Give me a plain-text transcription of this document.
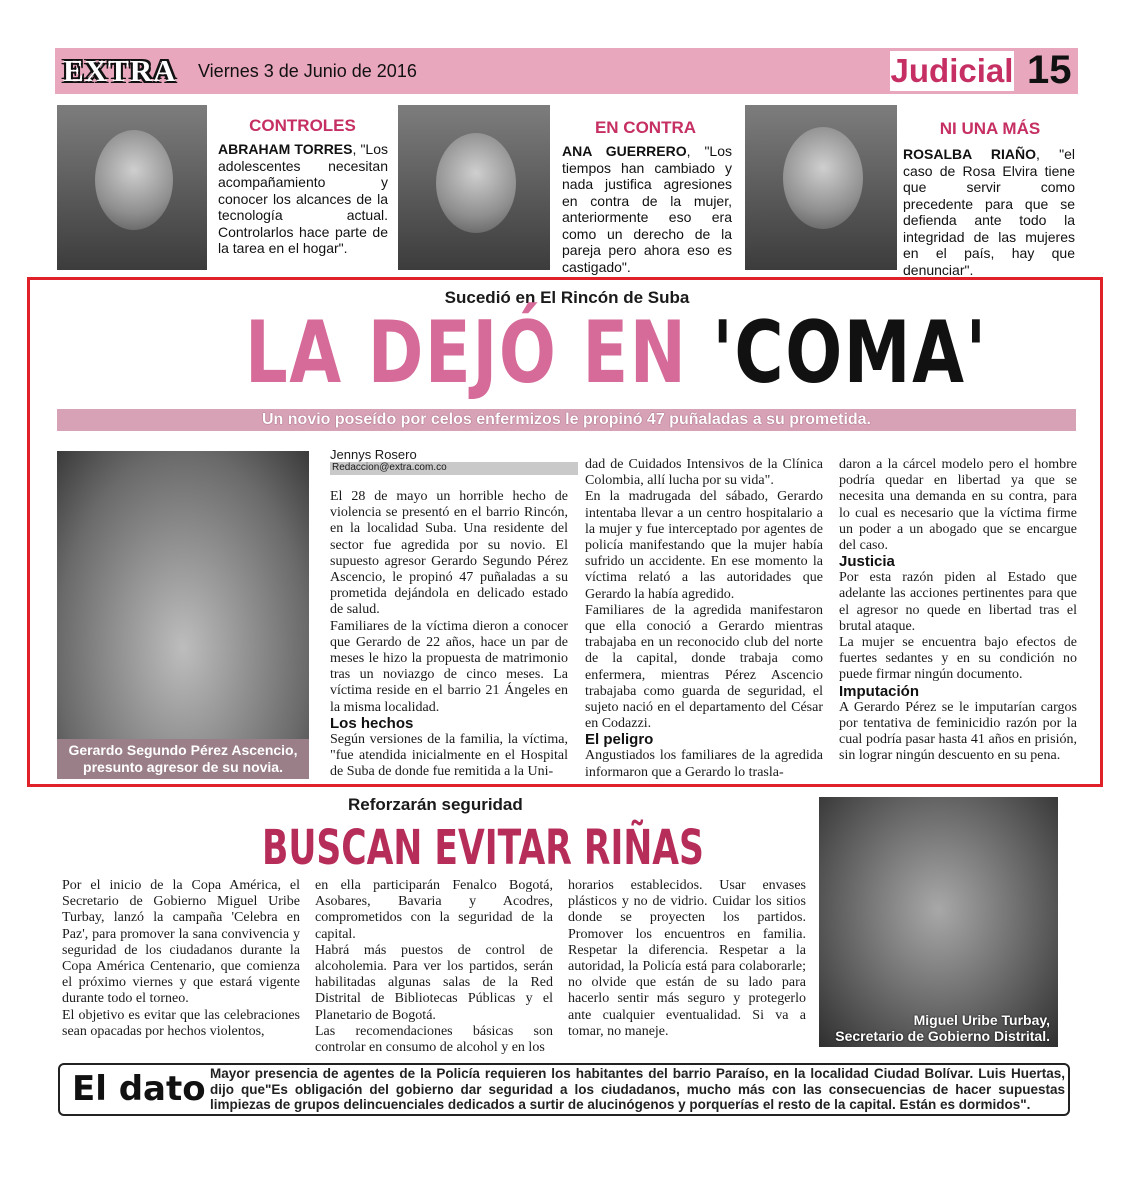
EXTRA Viernes 3 de Junio de 2016	Judicial 15
CONTROLES
ABRAHAM TORRES, "Los adolescentes necesitan acompañamiento y conocer los alcances de la tecnología actual. Controlarlos hace parte de la tarea en el hogar".
EN CONTRA
ANA GUERRERO, "Los tiempos han cambiado y nada justifica agresiones en contra de la mujer, anteriormente eso era como un derecho de la pareja pero ahora eso es castigado".
NI UNA MÁS
ROSALBA RIAÑO, "el caso de Rosa Elvira tiene que servir como precedente para que se defienda ante todo la integridad de las mujeres en el país, hay que denunciar".
Sucedió en El Rincón de Suba
LA DEJÓ EN 'COMA'
Un novio poseído por celos enfermizos le propinó 47 puñaladas a su prometida.
Gerardo Segundo Pérez Ascencio, presunto agresor de su novia.
Jennys Rosero
Redaccion@extra.com.co

El 28 de mayo un horrible hecho de violencia se presentó en el barrio Rincón, en la localidad Suba. Una residente del sector fue agredida por su novio. El supuesto agresor Gerardo Segundo Pérez Ascencio, le propinó 47 puñaladas a su prometida dejándola en delicado estado de salud.

Familiares de la víctima dieron a conocer que Gerardo de 22 años, hace un par de meses le hizo la propuesta de matrimonio tras un noviazgo de cinco meses. La víctima reside en el barrio 21 Ángeles en la misma localidad.

Los hechos

Según versiones de la familia, la víctima, "fue atendida inicialmente en el Hospital de Suba de donde fue remitida a la Uni-

dad de Cuidados Intensivos de la Clínica Colombia, allí lucha por su vida".

En la madrugada del sábado, Gerardo intentaba llevar a un centro hospitalario a la mujer y fue interceptado por agentes de policía manifestando que la mujer había sufrido un accidente. En ese momento la víctima relató a las autoridades que Gerardo la había agredido.

Familiares de la agredida manifestaron que ella conoció a Gerardo mientras trabajaba en un reconocido club del norte de la capital, donde trabaja como enfermera, mientras Pérez Ascencio trabajaba como guarda de seguridad, el sujeto nació en el departamento del César en Codazzi.

El peligro

Angustiados los familiares de la agredida informaron que a Gerardo lo trasla-

daron a la cárcel modelo pero el hombre podría quedar en libertad ya que se necesita una demanda en su contra, para lo cual es necesario que la víctima firme un poder a un abogado que se encargue del caso.

Justicia

Por esta razón piden al Estado que adelante las acciones pertinentes para que el agresor no quede en libertad tras el brutal ataque.

La mujer se encuentra bajo efectos de fuertes sedantes y en su condición no puede firmar ningún documento.

Imputación

A Gerardo Pérez se le imputarían cargos por tentativa de feminicidio razón por la cual podría pasar hasta 41 años en prisión, sin lograr ningún descuento en su pena.

Reforzarán seguridad
BUSCAN EVITAR RIÑAS

Por el inicio de la Copa América, el Secretario de Gobierno Miguel Uribe Turbay, lanzó la campaña 'Celebra en Paz', para promover la sana convivencia y seguridad de los ciudadanos durante la Copa América Centenario, que comienza el próximo viernes y que estará vigente durante todo el torneo.

El objetivo es evitar que las celebraciones sean opacadas por hechos violentos,

en ella participarán Fenalco Bogotá, Asobares, Bavaria y Acodres, comprometidos con la seguridad de la capital.

Habrá más puestos de control de alcoholemia. Para ver los partidos, serán habilitadas algunas salas de la Red Distrital de Bibliotecas Públicas y el Planetario de Bogotá.

Las recomendaciones básicas son controlar en consumo de alcohol y en los

horarios establecidos. Usar envases plásticos y no de vidrio. Cuidar los sitios donde se proyecten los partidos. Promover los encuentros en familia. Respetar la diferencia. Respetar a la autoridad, la Policía está para colaborarle; no olvide que están de su lado para hacerlo sentir más seguro y protegerlo ante cualquier eventualidad. Si va a tomar, no maneje.

Miguel Uribe Turbay,
Secretario de Gobierno Distrital.
El dato Mayor presencia de agentes de la Policía requieren los habitantes del barrio Paraíso, en la localidad Ciudad Bolívar. Luis Huertas, dijo que"Es obligación del gobierno dar seguridad a los ciudadanos, mucho más con las consecuencias de hacer supuestas limpiezas de grupos delincuenciales dedicados a surtir de alucinógenos y porquerías el resto de la capital. Están es dormidos".
